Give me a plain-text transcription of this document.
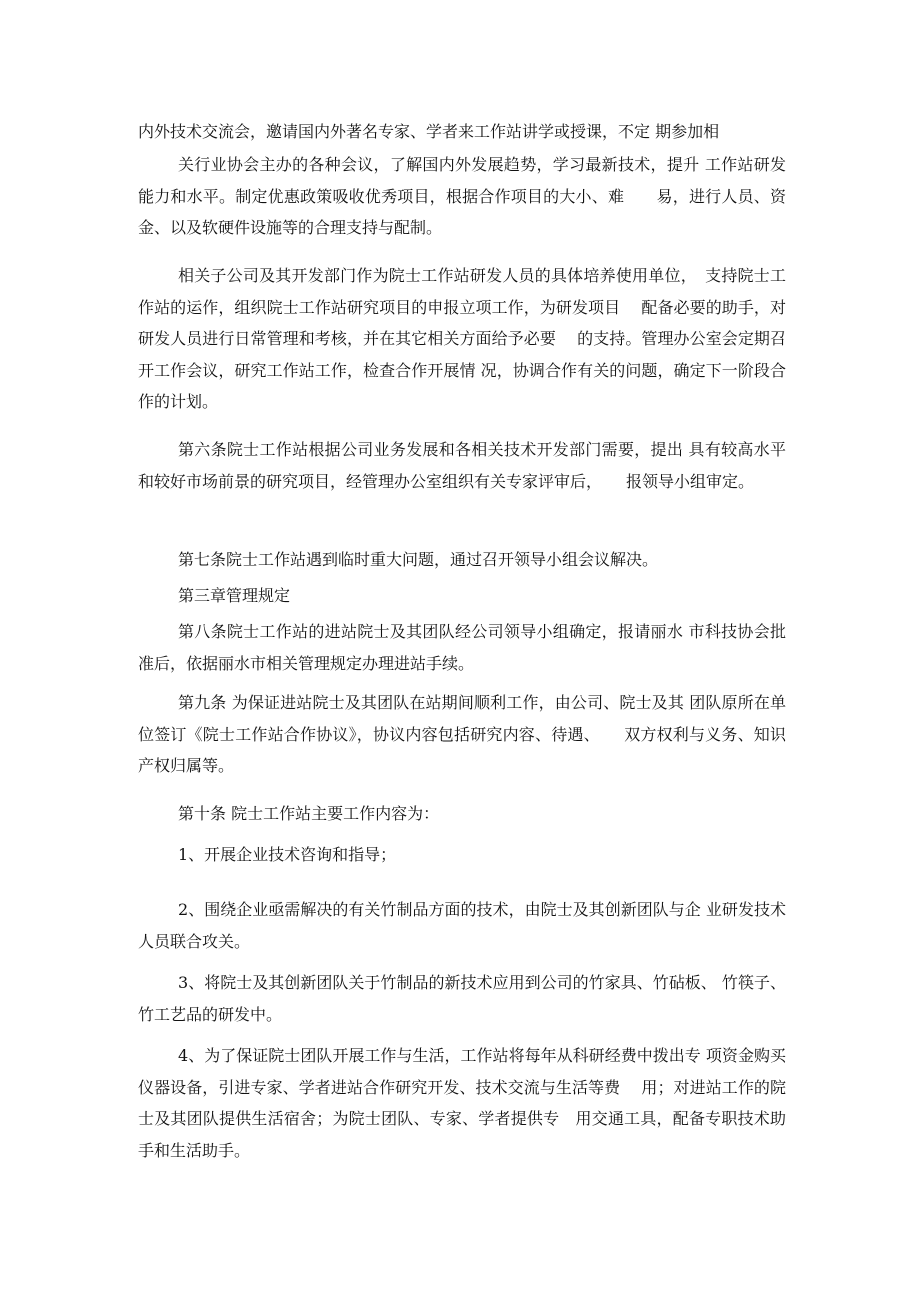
内外技术交流会，邀请国内外著名专家、学者来工作站讲学或授课，不定 期参加相
关行业协会主办的各种会议，了解国内外发展趋势，学习最新技术，提升 工作站研发能力和水平。制定优惠政策吸收优秀项目，根据合作项目的大小、难　　易，进行人员、资金、以及软硬件设施等的合理支持与配制。
相关子公司及其开发部门作为院士工作站研发人员的具体培养使用单位，　支持院士工作站的运作，组织院士工作站研究项目的申报立项工作，为研发项目　 配备必要的助手，对研发人员进行日常管理和考核，并在其它相关方面给予必要　 的支持。管理办公室会定期召开工作会议，研究工作站工作，检查合作开展情 况，协调合作有关的问题，确定下一阶段合作的计划。
第六条院士工作站根据公司业务发展和各相关技术开发部门需要，提出 具有较高水平和较好市场前景的研究项目，经管理办公室组织有关专家评审后，　　报领导小组审定。
第七条院士工作站遇到临时重大问题，通过召开领导小组会议解决。
第三章管理规定
第八条院士工作站的进站院士及其团队经公司领导小组确定，报请丽水 市科技协会批准后，依据丽水市相关管理规定办理进站手续。
第九条 为保证进站院士及其团队在站期间顺利工作，由公司、院士及其 团队原所在单位签订《院士工作站合作协议》，协议内容包括研究内容、待遇、　　双方权利与义务、知识产权归属等。
第十条 院士工作站主要工作内容为：
1、开展企业技术咨询和指导；
2、围绕企业亟需解决的有关竹制品方面的技术，由院士及其创新团队与企 业研发技术人员联合攻关。
3、将院士及其创新团队关于竹制品的新技术应用到公司的竹家具、竹砧板、 竹筷子、竹工艺品的研发中。
4、为了保证院士团队开展工作与生活，工作站将每年从科研经费中拨出专 项资金购买仪器设备，引进专家、学者进站合作研究开发、技术交流与生活等费　 用；对进站工作的院士及其团队提供生活宿舍；为院士团队、专家、学者提供专　用交通工具，配备专职技术助手和生活助手。
